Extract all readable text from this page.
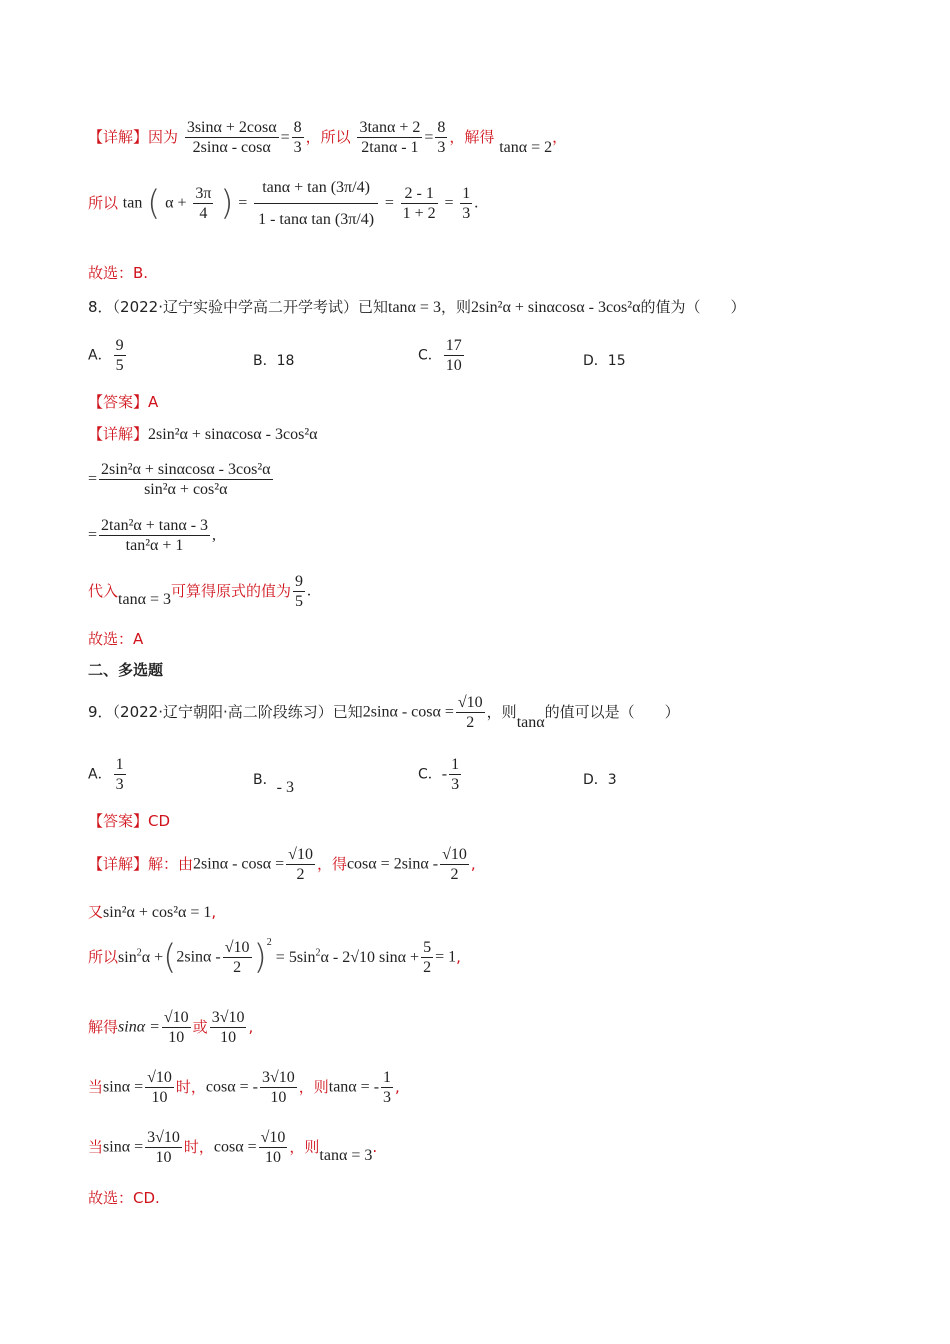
【详解】因为 $\frac{3\sin\alpha + 2\cos\alpha}{2\sin\alpha - \cos\alpha} = \frac{8}{3}$ ，所以 $\frac{3\tan\alpha + 2}{2\tan\alpha - 1} = \frac{8}{3}$ ，解得 tanα = 2，
所以 tan ( $\alpha + \frac{3\pi}{4}$ ) = $\frac{\tan\alpha + \tan (3\pi/4)}{\text{1 - tanα tan (3π/4)}} = \frac{2 - 1}{1 + 2} = \frac{1}{3}$ .
故选：B.
8．（2022·辽宁实验中学高二开学考试）已知tanα = 3，则2sin²α + sinαcosα - 3cos²α的值为（　　）
A． $\frac{9}{5}$	B．18	C． $\frac{17}{10}$	D．15
【答案】A
【详解】2sin²α + sinαcosα - 3cos²α
= $\frac{\text{2sin²α + sinαcosα - 3cos²α}}{\text{sin²α + cos²α}}$
= $\frac{\text{2tan²α + tanα - 3}}{\text{tan²α + 1}}$ ,
代入tanα = 3可算得原式的值为 $\frac{9}{5}$ .
故选：A
二、多选题
9．（2022·辽宁朝阳·高二阶段练习）已知$2\sin\alpha - \cos\alpha = \frac{√10}{2}$ ，则tanα的值可以是（　　）
A． $\frac{1}{3}$	B．- 3
C．- $\frac{1}{3}$	D．3
【答案】CD
【详解】解：由$2\sin\alpha - \cos\alpha = \frac{√10}{2}$ ，得$\cos\alpha = 2\sin\alpha - \frac{√10}{2}$ ,
又sin²α + cos²α = 1,
所以$\sin^2\alpha +(2\sin\alpha - \frac{√10}{2} )^2 = 5\sin^2\alpha - 2√10$ $\sin\alpha + \frac{5}{2} = 1$,
解得$\sin\alpha = \frac{√10}{10}$ 或 $\frac{3√10}{10}$ ,
当$\sin\alpha = \frac{√10}{10}$ 时，cosα = - $\frac{3√10}{10}$ ，则tanα = - $\frac{1}{3}$ ,
当$\sin\alpha = \frac{3√10}{10}$ 时，$\cos\alpha = \frac{√10}{10}$ ，则tanα = 3.
故选：CD.
